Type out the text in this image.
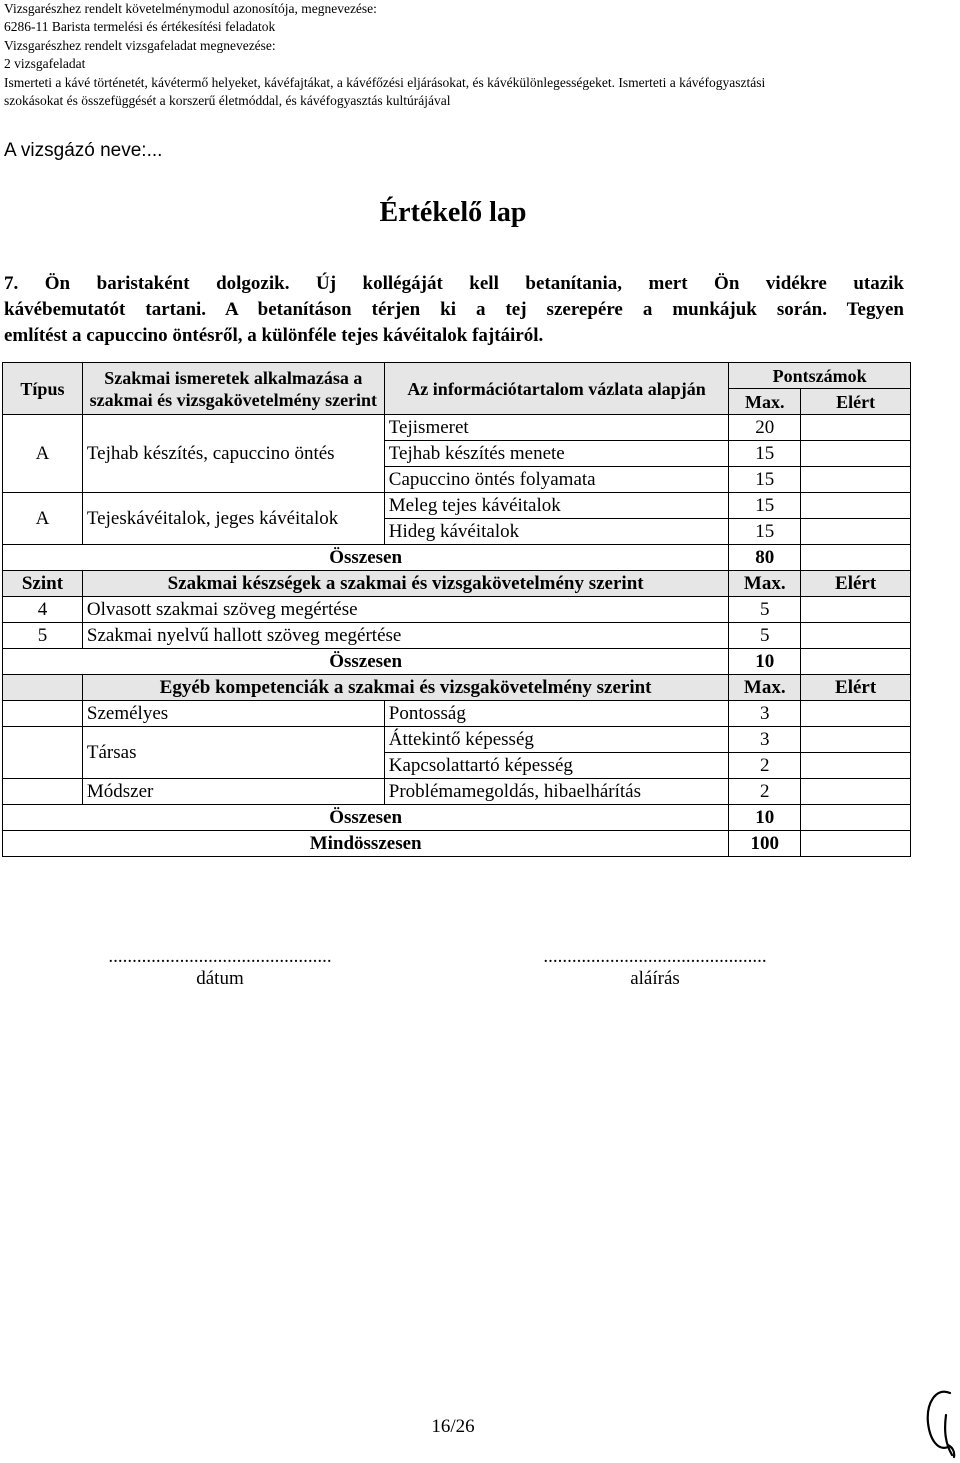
Vizsgarészhez rendelt követelménymodul azonosítója, megnevezése:
6286-11 Barista termelési és értékesítési feladatok
Vizsgarészhez rendelt vizsgafeladat megnevezése:
2 vizsgafeladat
Ismerteti a kávé történetét, kávétermő helyeket, kávéfajtákat, a kávéfőzési eljárásokat, és kávékülönlegességeket. Ismerteti a kávéfogyasztási
szokásokat és összefüggését a korszerű életmóddal, és kávéfogyasztás kultúrájával
A vizsgázó neve:...
Értékelő lap

7. Ön baristaként dolgozik. Új kollégáját kell betanítania, mert Ön vidékre utazik

kávébemutatót tartani. A betanításon térjen ki a tej szerepére a munkájuk során. Tegyen

említést a capuccino öntésről, a különféle tejes kávéitalok fajtáiról.

Típus	Szakmai ismeretek alkalmazása a szakmai és vizsgakövetelmény szerint	Az információtartalom vázlata alapján	Pontszámok	
			Max.	Elért
A	Tejhab készítés, capuccino öntés	Tejismeret	20	
		Tejhab készítés menete	15	
		Capuccino öntés folyamata	15	
A	Tejeskávéitalok, jeges kávéitalok	Meleg tejes kávéitalok	15	
		Hideg kávéitalok	15	
Összesen			80	
Szint	Szakmai készségek a szakmai és vizsgakövetelmény szerint		Max.	Elért
4	Olvasott szakmai szöveg megértése		5	
5	Szakmai nyelvű hallott szöveg megértése		5	
Összesen			10	
	Egyéb kompetenciák a szakmai és vizsgakövetelmény szerint		Max.	Elért
	Személyes	Pontosság	3	
	Társas	Áttekintő képesség	3	
		Kapcsolattartó képesség	2	
	Módszer	Problémamegoldás, hibaelhárítás	2	
Összesen			10	
Mindösszesen			100	
...............................................
dátum
...............................................
aláírás
16/26
